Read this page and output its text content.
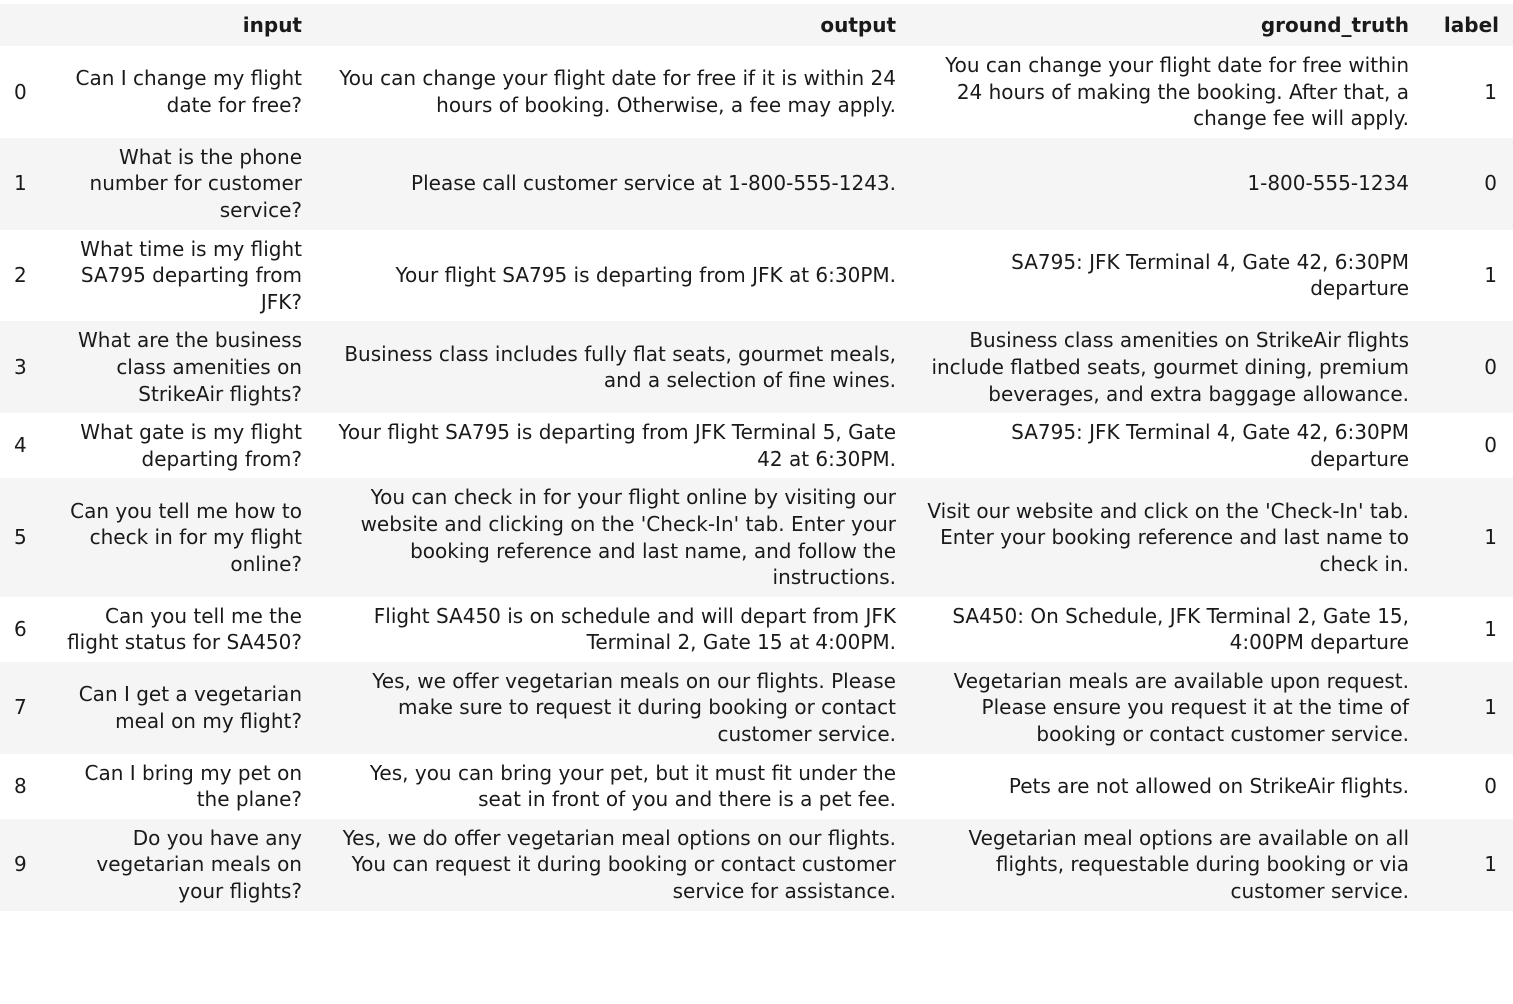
	input	output	ground_truth	label
0	Can I change my flight date for free?	You can change your flight date for free if it is within 24 hours of booking. Otherwise, a fee may apply.	You can change your flight date for free within 24 hours of making the booking. After that, a change fee will apply.	1
1	What is the phone number for customer service?	Please call customer service at 1-800-555-1243.	1-800-555-1234	0
2	What time is my flight SA795 departing from JFK?	Your flight SA795 is departing from JFK at 6:30PM.	SA795: JFK Terminal 4, Gate 42, 6:30PM departure	1
3	What are the business class amenities on StrikeAir flights?	Business class includes fully flat seats, gourmet meals, and a selection of fine wines.	Business class amenities on StrikeAir flights include flatbed seats, gourmet dining, premium beverages, and extra baggage allowance.	0
4	What gate is my flight departing from?	Your flight SA795 is departing from JFK Terminal 5, Gate 42 at 6:30PM.	SA795: JFK Terminal 4, Gate 42, 6:30PM departure	0
5	Can you tell me how to check in for my flight online?	You can check in for your flight online by visiting our website and clicking on the 'Check-In' tab. Enter your booking reference and last name, and follow the instructions.	Visit our website and click on the 'Check-In' tab. Enter your booking reference and last name to check in.	1
6	Can you tell me the flight status for SA450?	Flight SA450 is on schedule and will depart from JFK Terminal 2, Gate 15 at 4:00PM.	SA450: On Schedule, JFK Terminal 2, Gate 15, 4:00PM departure	1
7	Can I get a vegetarian meal on my flight?	Yes, we offer vegetarian meals on our flights. Please make sure to request it during booking or contact customer service.	Vegetarian meals are available upon request. Please ensure you request it at the time of booking or contact customer service.	1
8	Can I bring my pet on the plane?	Yes, you can bring your pet, but it must fit under the seat in front of you and there is a pet fee.	Pets are not allowed on StrikeAir flights.	0
9	Do you have any vegetarian meals on your flights?	Yes, we do offer vegetarian meal options on our flights. You can request it during booking or contact customer service for assistance.	Vegetarian meal options are available on all flights, requestable during booking or via customer service.	1
